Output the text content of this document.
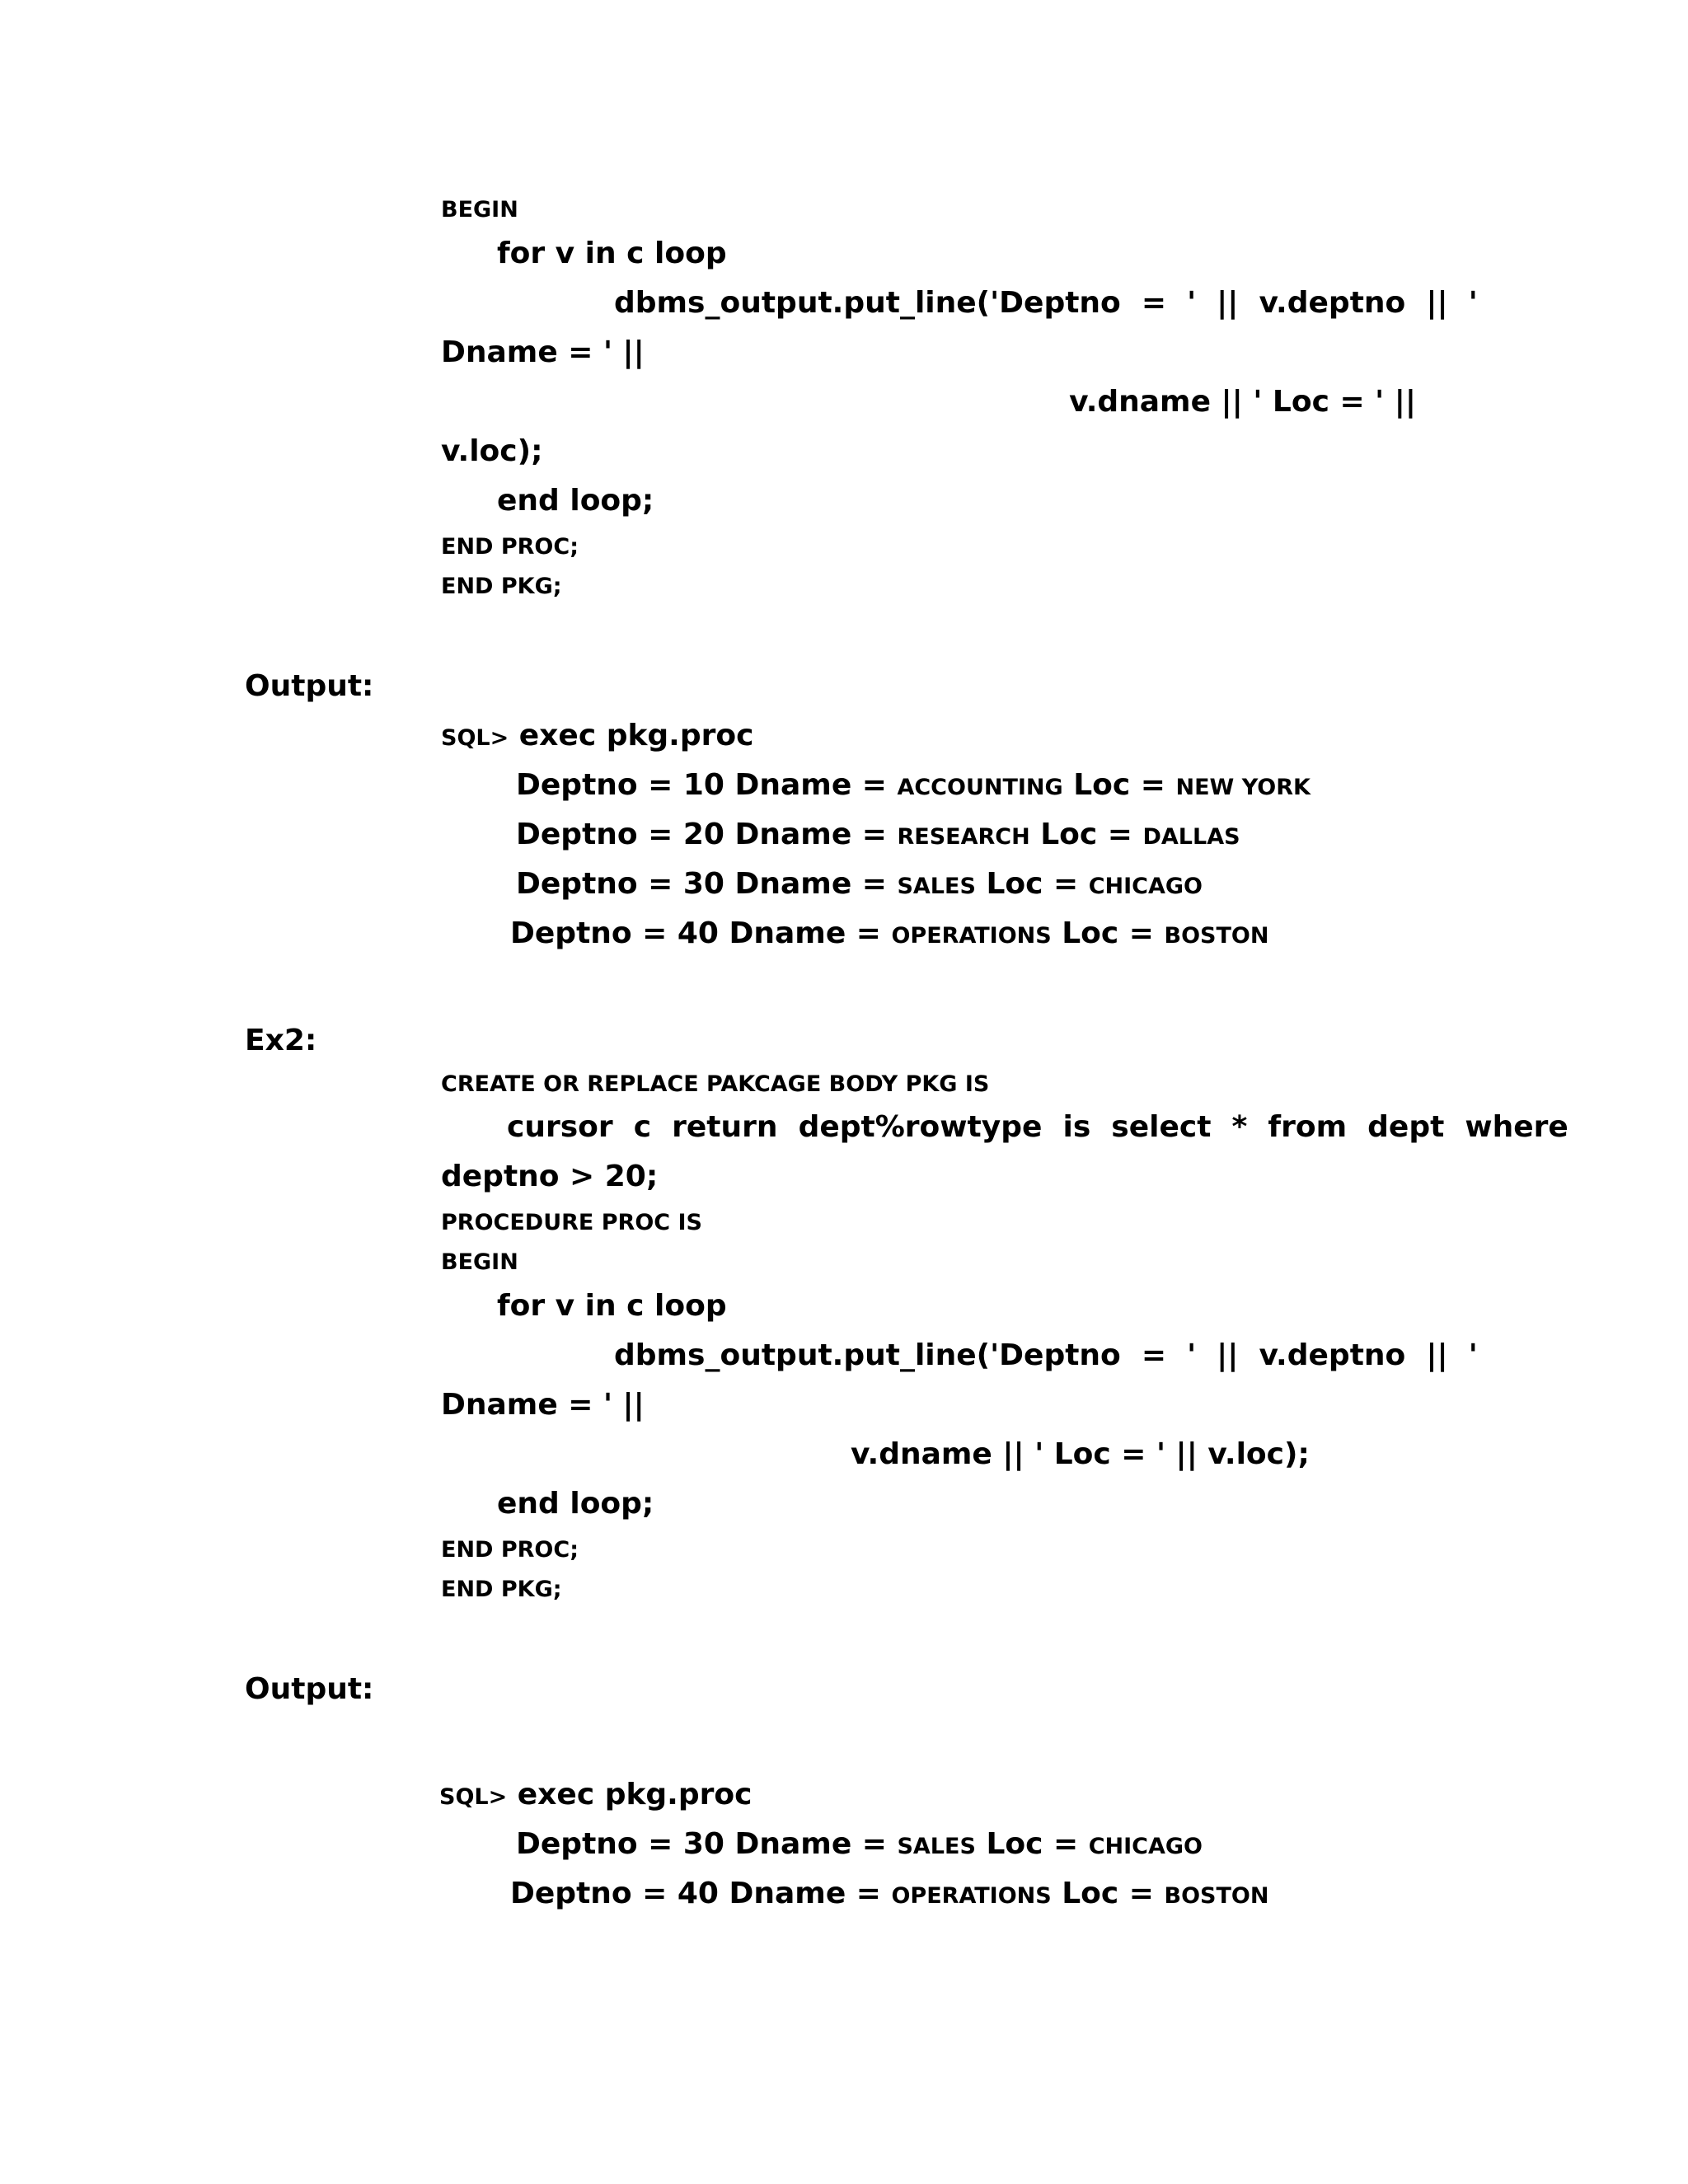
BEGIN
for v in c loop
dbms_output.put_line('Deptno  =  '  ||  v.deptno  ||  '
Dname = ' ||
v.dname || ' Loc = ' ||
v.loc);
end loop;
END PROC;
END PKG;
Output:
SQL> exec pkg.proc
Deptno = 10 Dname = ACCOUNTING Loc = NEW YORK
Deptno = 20 Dname = RESEARCH Loc = DALLAS
Deptno = 30 Dname = SALES Loc = CHICAGO
Deptno = 40 Dname = OPERATIONS Loc = BOSTON
Ex2:
CREATE OR REPLACE PAKCAGE BODY PKG IS
cursor  c  return  dept%rowtype  is  select  *  from  dept  where
deptno > 20;
PROCEDURE PROC IS
BEGIN
for v in c loop
dbms_output.put_line('Deptno  =  '  ||  v.deptno  ||  '
Dname = ' ||
v.dname || ' Loc = ' || v.loc);
end loop;
END PROC;
END PKG;
Output:
SQL> exec pkg.proc
Deptno = 30 Dname = SALES Loc = CHICAGO
Deptno = 40 Dname = OPERATIONS Loc = BOSTON
